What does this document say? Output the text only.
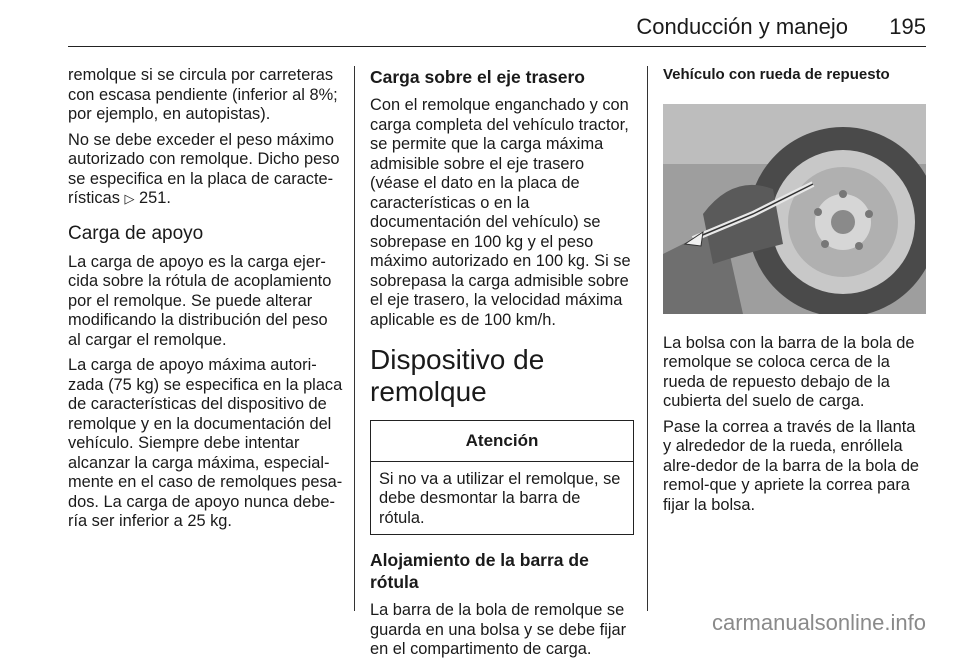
Conducción y manejo 195

remolque si se circula por carreteras con escasa pendiente (inferior al 8%; por ejemplo, en autopistas).

No se debe exceder el peso máximo autorizado con remolque. Dicho peso se especifica en la placa de caracte-rísticas ▷ 251.

Carga de apoyo

La carga de apoyo es la carga ejer-cida sobre la rótula de acoplamiento por el remolque. Se puede alterar modificando la distribución del peso al cargar el remolque.

La carga de apoyo máxima autori-zada (75 kg) se especifica en la placa de características del dispositivo de remolque y en la documentación del vehículo. Siempre debe intentar alcanzar la carga máxima, especial-mente en el caso de remolques pesa-dos. La carga de apoyo nunca debe-ría ser inferior a 25 kg.

Carga sobre el eje trasero

Con el remolque enganchado y con carga completa del vehículo tractor, se permite que la carga máxima admisible sobre el eje trasero (véase el dato en la placa de características o en la documentación del vehículo) se sobrepase en 100 kg y el peso máximo autorizado en 100 kg. Si se sobrepasa la carga admisible sobre el eje trasero, la velocidad máxima aplicable es de 100 km/h.

Dispositivo de remolque
Atención
Si no va a utilizar el remolque, se debe desmontar la barra de rótula.
Alojamiento de la barra de rótula

La barra de la bola de remolque se guarda en una bolsa y se debe fijar en el compartimento de carga.

Vehículo con rueda de repuesto

La bolsa con la barra de la bola de remolque se coloca cerca de la rueda de repuesto debajo de la cubierta del suelo de carga.

Pase la correa a través de la llanta y alrededor de la rueda, enróllela alre-dedor de la barra de la bola de remol-que y apriete la correa para fijar la bolsa.

carmanualsonline.info
